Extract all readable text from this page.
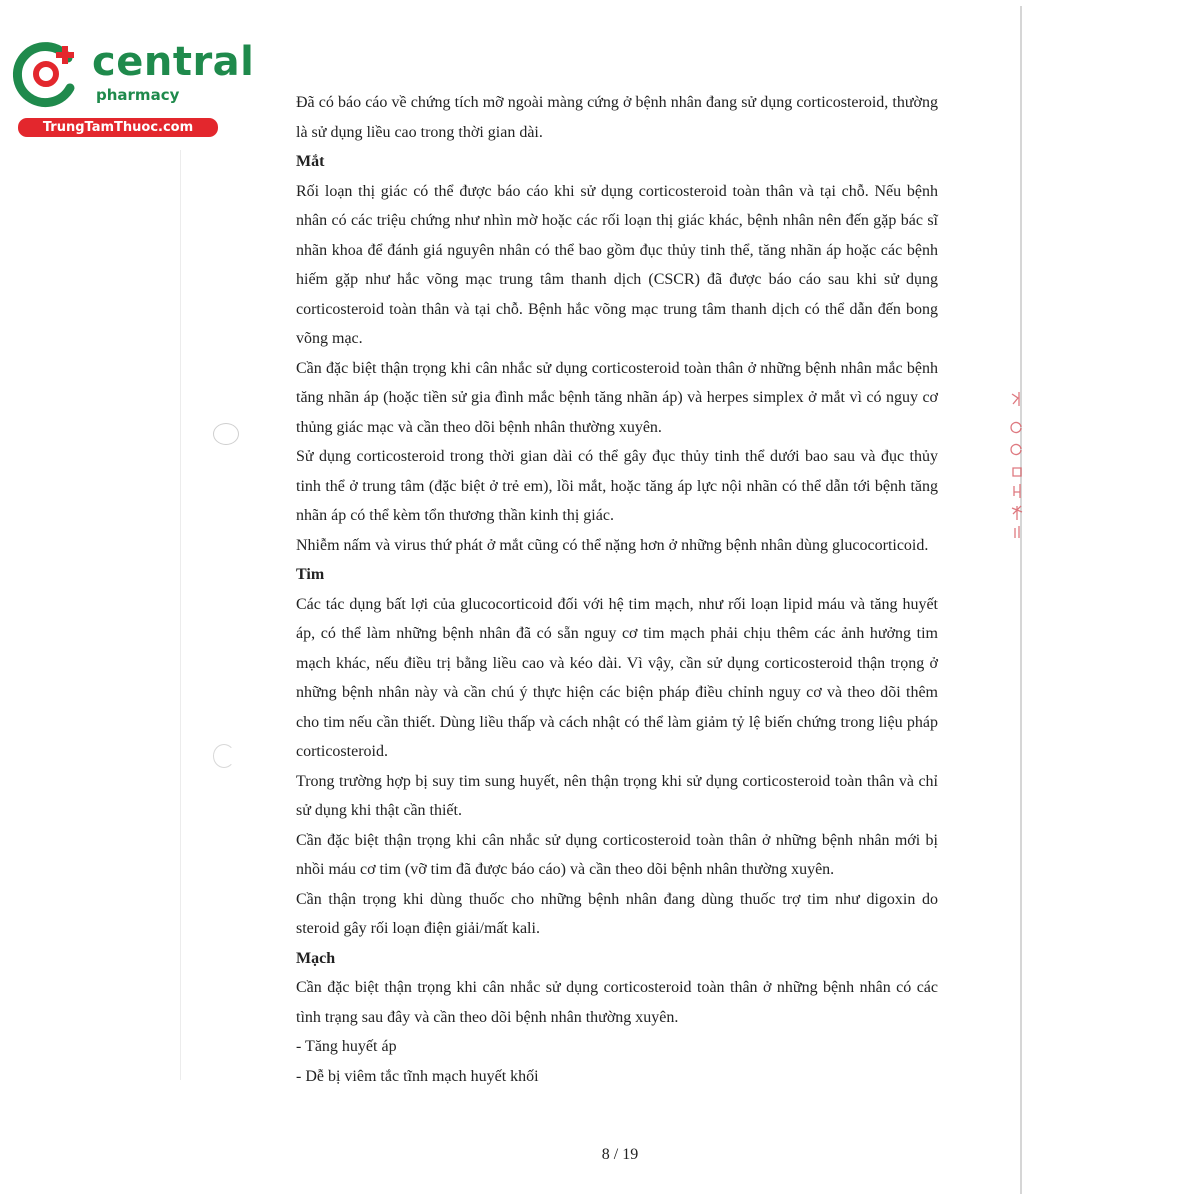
central
pharmacy
TrungTamThuoc.com

Đã có báo cáo về chứng tích mỡ ngoài màng cứng ở bệnh nhân đang sử dụng corticosteroid, thường là sử dụng liều cao trong thời gian dài.

Mắt

Rối loạn thị giác có thể được báo cáo khi sử dụng corticosteroid toàn thân và tại chỗ. Nếu bệnh nhân có các triệu chứng như nhìn mờ hoặc các rối loạn thị giác khác, bệnh nhân nên đến gặp bác sĩ nhãn khoa để đánh giá nguyên nhân có thể bao gồm đục thủy tinh thể, tăng nhãn áp hoặc các bệnh hiếm gặp như hắc võng mạc trung tâm thanh dịch (CSCR) đã được báo cáo sau khi sử dụng corticosteroid toàn thân và tại chỗ. Bệnh hắc võng mạc trung tâm thanh dịch có thể dẫn đến bong võng mạc.

Cần đặc biệt thận trọng khi cân nhắc sử dụng corticosteroid toàn thân ở những bệnh nhân mắc bệnh tăng nhãn áp (hoặc tiền sử gia đình mắc bệnh tăng nhãn áp) và herpes simplex ở mắt vì có nguy cơ thủng giác mạc và cần theo dõi bệnh nhân thường xuyên.

Sử dụng corticosteroid trong thời gian dài có thể gây đục thủy tinh thể dưới bao sau và đục thủy tinh thể ở trung tâm (đặc biệt ở trẻ em), lồi mắt, hoặc tăng áp lực nội nhãn có thể dẫn tới bệnh tăng nhãn áp có thể kèm tổn thương thần kinh thị giác.

Nhiễm nấm và virus thứ phát ở mắt cũng có thể nặng hơn ở những bệnh nhân dùng glucocorticoid.

Tim

Các tác dụng bất lợi của glucocorticoid đối với hệ tim mạch, như rối loạn lipid máu và tăng huyết áp, có thể làm những bệnh nhân đã có sẵn nguy cơ tim mạch phải chịu thêm các ảnh hưởng tim mạch khác, nếu điều trị bằng liều cao và kéo dài. Vì vậy, cần sử dụng corticosteroid thận trọng ở những bệnh nhân này và cần chú ý thực hiện các biện pháp điều chỉnh nguy cơ và theo dõi thêm cho tim nếu cần thiết. Dùng liều thấp và cách nhật có thể làm giảm tỷ lệ biến chứng trong liệu pháp corticosteroid.

Trong trường hợp bị suy tim sung huyết, nên thận trọng khi sử dụng corticosteroid toàn thân và chỉ sử dụng khi thật cần thiết.

Cần đặc biệt thận trọng khi cân nhắc sử dụng corticosteroid toàn thân ở những bệnh nhân mới bị nhồi máu cơ tim (vỡ tim đã được báo cáo) và cần theo dõi bệnh nhân thường xuyên.

Cần thận trọng khi dùng thuốc cho những bệnh nhân đang dùng thuốc trợ tim như digoxin do steroid gây rối loạn điện giải/mất kali.

Mạch

Cần đặc biệt thận trọng khi cân nhắc sử dụng corticosteroid toàn thân ở những bệnh nhân có các tình trạng sau đây và cần theo dõi bệnh nhân thường xuyên.

- Tăng huyết áp

- Dễ bị viêm tắc tĩnh mạch huyết khối

8 / 19
